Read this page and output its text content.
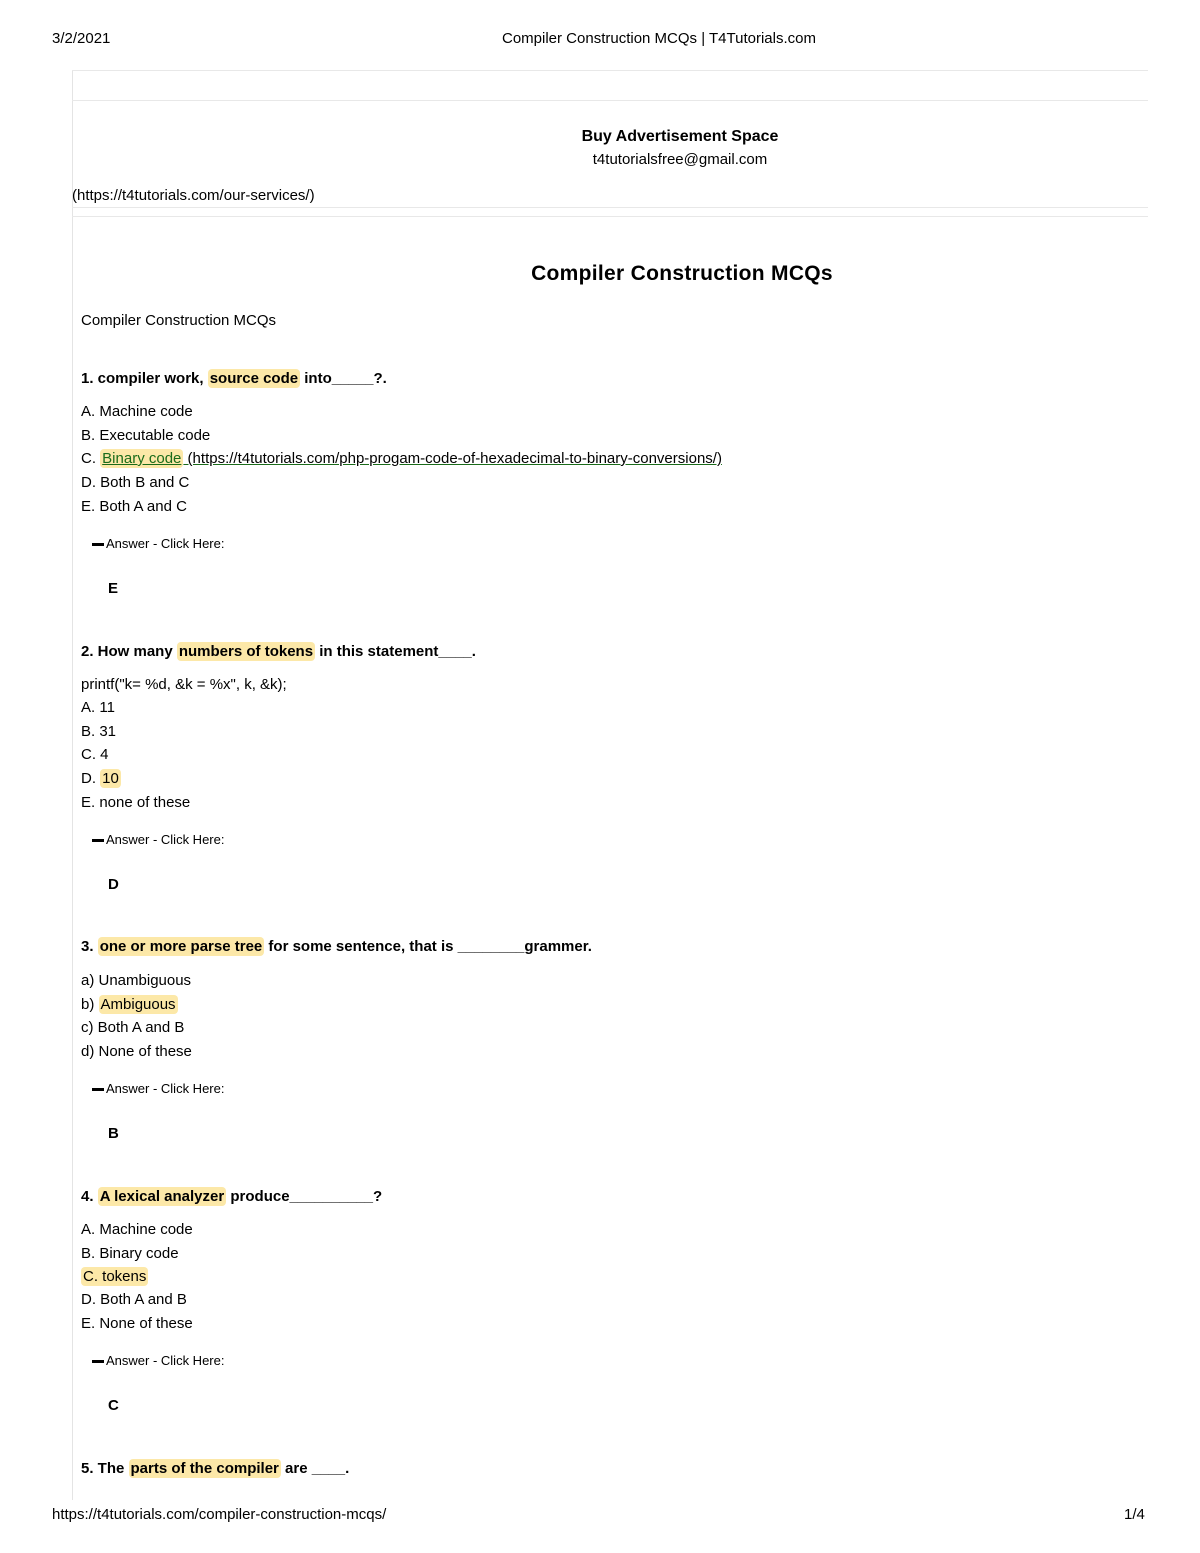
3/2/2021	Compiler Construction MCQs | T4Tutorials.com
https://t4tutorials.com/compiler-construction-mcqs/	1/4
Buy Advertisement Space
t4tutorialsfree@gmail.com
(https://t4tutorials.com/our-services/)
Compiler Construction MCQs
Compiler Construction MCQs
1. compiler work, source code into_____?.
A. Machine code
B. Executable code
C. Binary code (https://t4tutorials.com/php-progam-code-of-hexadecimal-to-binary-conversions/)
D. Both B and C
E. Both A and C
Answer - Click Here:
E
2. How many numbers of tokens in this statement____.
printf("k= %d, &k = %x", k, &k);
A. 11
B. 31
C. 4
D. 10
E. none of these
Answer - Click Here:
D
3. one or more parse tree for some sentence, that is ________grammer.
a) Unambiguous
b) Ambiguous
c) Both A and B
d) None of these
Answer - Click Here:
B
4. A lexical analyzer produce__________?
A. Machine code
B. Binary code
C. tokens
D. Both A and B
E. None of these
Answer - Click Here:
C
5. The parts of the compiler are ____.
